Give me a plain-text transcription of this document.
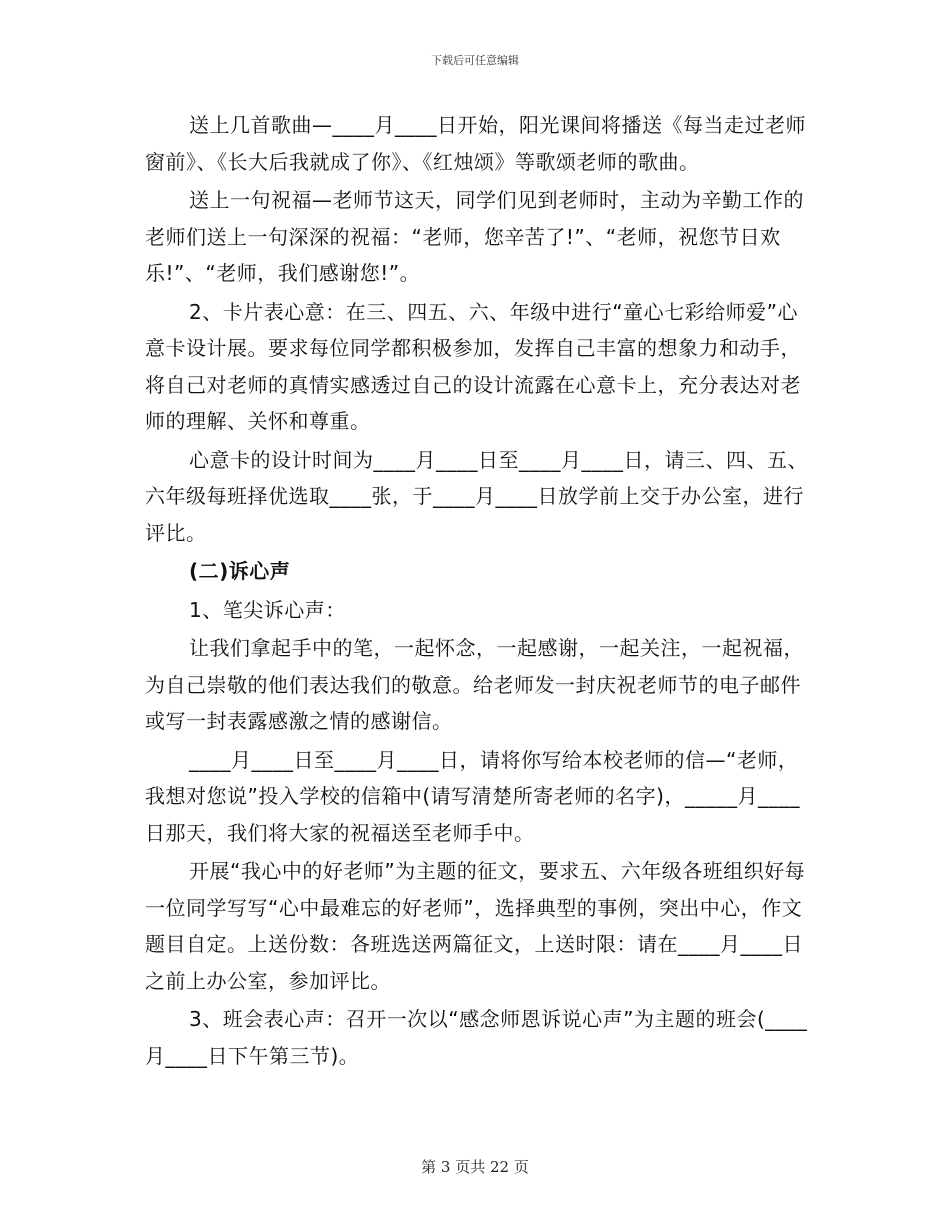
下载后可任意编辑

送上几首歌曲—____月____日开始，阳光课间将播送《每当走过老师窗前》、《长大后我就成了你》、《红烛颂》等歌颂老师的歌曲。

送上一句祝福—老师节这天，同学们见到老师时，主动为辛勤工作的老师们送上一句深深的祝福：“老师，您辛苦了!”、“老师，祝您节日欢乐!”、“老师，我们感谢您!”。

2、卡片表心意：在三、四五、六、年级中进行“童心七彩给师爱”心意卡设计展。要求每位同学都积极参加，发挥自己丰富的想象力和动手，将自己对老师的真情实感透过自己的设计流露在心意卡上，充分表达对老师的理解、关怀和尊重。

心意卡的设计时间为____月____日至____月____日，请三、四、五、六年级每班择优选取____张，于____月____日放学前上交于办公室，进行评比。

(二)诉心声

1、笔尖诉心声：

让我们拿起手中的笔，一起怀念，一起感谢，一起关注，一起祝福，为自己崇敬的他们表达我们的敬意。给老师发一封庆祝老师节的电子邮件或写一封表露感激之情的感谢信。

____月____日至____月____日，请将你写给本校老师的信—“老师，我想对您说”投入学校的信箱中(请写清楚所寄老师的名字)，_____月____日那天，我们将大家的祝福送至老师手中。

开展“我心中的好老师”为主题的征文，要求五、六年级各班组织好每一位同学写写“心中最难忘的好老师”，选择典型的事例，突出中心，作文题目自定。上送份数：各班选送两篇征文，上送时限：请在____月____日之前上办公室，参加评比。

3、班会表心声：召开一次以“感念师恩诉说心声”为主题的班会(____月____日下午第三节)。

第 3 页共 22 页
